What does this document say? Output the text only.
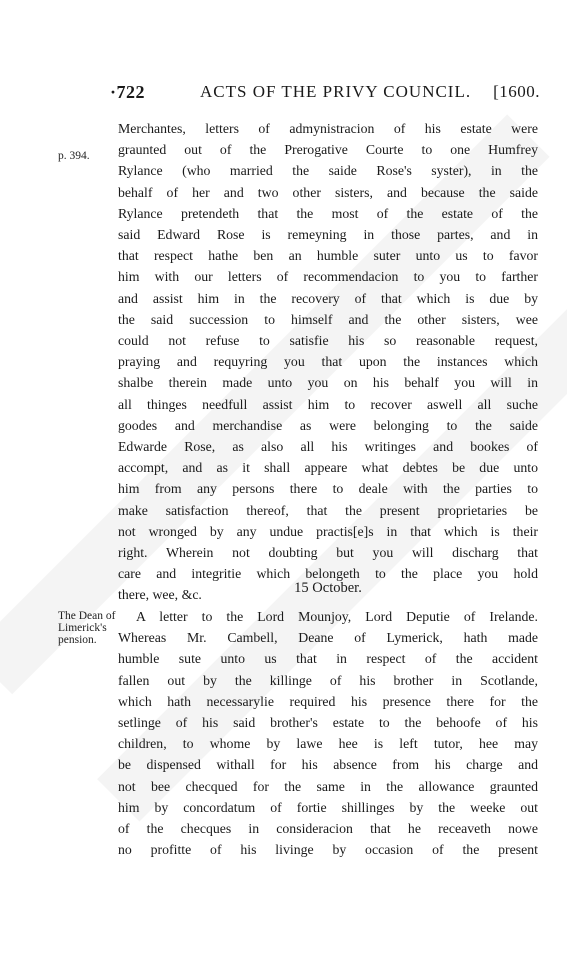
·722	ACTS OF THE PRIVY COUNCIL. [1600.
p. 394.
The Dean of
Limerick's
pension.
Merchantes, letters of admynistracion of his estate were
graunted out of the Prerogative Courte to one Humfrey
Rylance (who married the saide Rose's syster), in the
behalf of her and two other sisters, and because the saide
Rylance pretendeth that the most of the estate of the
said Edward Rose is remeyning in those partes, and in
that respect hathe ben an humble suter unto us to favor
him with our letters of recommendacion to you to farther
and assist him in the recovery of that which is due by
the said succession to himself and the other sisters, wee
could not refuse to satisfie his so reasonable request,
praying and requyring you that upon the instances which
shalbe therein made unto you on his behalf you will in
all thinges needfull assist him to recover aswell all suche
goodes and merchandise as were belonging to the saide
Edwarde Rose, as also all his writinges and bookes of
accompt, and as it shall appeare what debtes be due unto
him from any persons there to deale with the parties to
make satisfaction thereof, that the present proprietaries be
not wronged by any undue practis[e]s in that which is their
right. Wherein not doubting but you will discharg that
care and integritie which belongeth to the place you hold
there, wee, &c.	15 October.
A letter to the Lord Mounjoy, Lord Deputie of Irelande.
Whereas Mr. Cambell, Deane of Lymerick, hath made
humble sute unto us that in respect of the accident
fallen out by the killinge of his brother in Scotlande,
which hath necessarylie required his presence there for the
setlinge of his said brother's estate to the behoofe of his
children, to whome by lawe hee is left tutor, hee may
be dispensed withall for his absence from his charge and
not bee checqued for the same in the allowance graunted
him by concordatum of fortie shillinges by the weeke out
of the checques in consideracion that he receaveth nowe
no profitte of his livinge by occasion of the present
